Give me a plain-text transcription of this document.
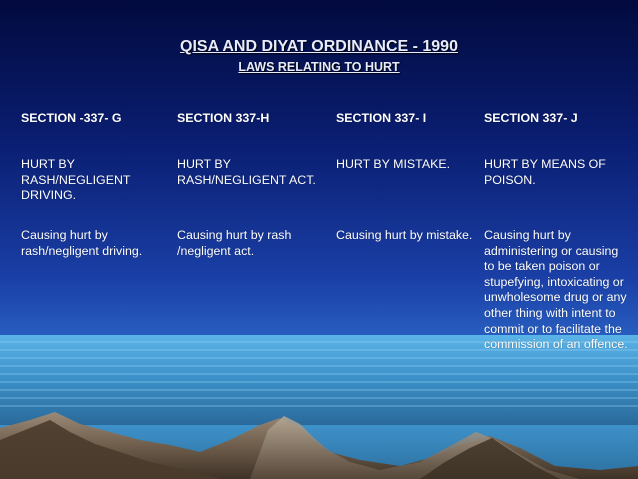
QISA AND DIYAT ORDINANCE - 1990
LAWS RELATING TO HURT
SECTION -337- G
HURT BY RASH/NEGLIGENT DRIVING.
Causing hurt by rash/negligent driving.
SECTION 337-H
HURT BY RASH/NEGLIGENT ACT.
Causing hurt by rash /negligent act.
SECTION 337- I
HURT BY MISTAKE.
Causing hurt by mistake.
SECTION 337- J
HURT BY MEANS OF POISON.
Causing hurt by administering or causing to be taken poison or stupefying, intoxicating or unwholesome drug or any other thing with intent to commit or to facilitate the commission of an offence.
